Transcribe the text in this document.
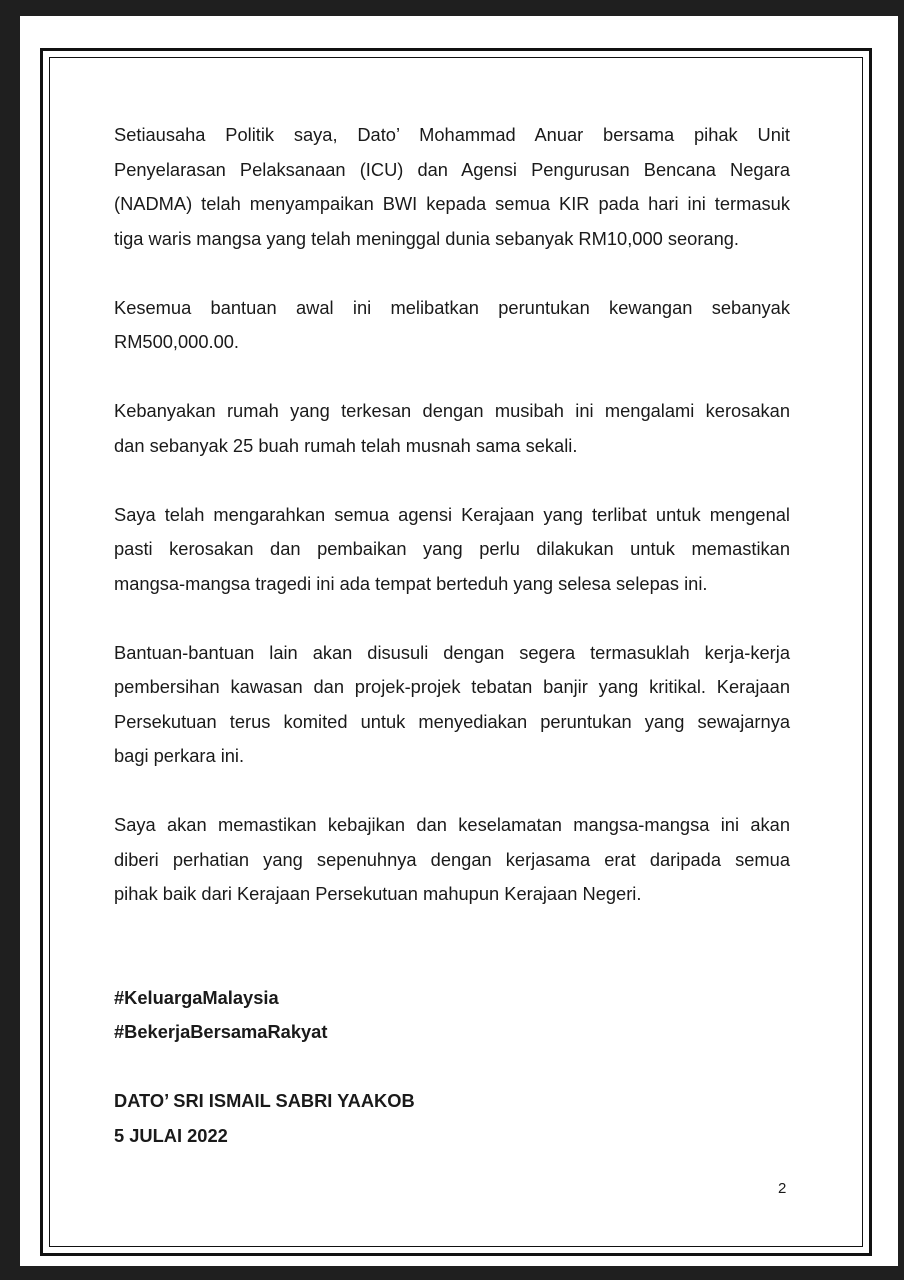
Setiausaha Politik saya, Dato’ Mohammad Anuar bersama pihak Unit
Penyelarasan Pelaksanaan (ICU) dan Agensi Pengurusan Bencana Negara
(NADMA) telah menyampaikan BWI kepada semua KIR pada hari ini termasuk
tiga waris mangsa yang telah meninggal dunia sebanyak RM10,000 seorang.

Kesemua bantuan awal ini melibatkan peruntukan kewangan sebanyak
RM500,000.00.

Kebanyakan rumah yang terkesan dengan musibah ini mengalami kerosakan
dan sebanyak 25 buah rumah telah musnah sama sekali.

Saya telah mengarahkan semua agensi Kerajaan yang terlibat untuk mengenal
pasti kerosakan dan pembaikan yang perlu dilakukan untuk memastikan
mangsa-mangsa tragedi ini ada tempat berteduh yang selesa selepas ini.

Bantuan-bantuan lain akan disusuli dengan segera termasuklah kerja-kerja
pembersihan kawasan dan projek-projek tebatan banjir yang kritikal. Kerajaan
Persekutuan terus komited untuk menyediakan peruntukan yang sewajarnya
bagi perkara ini.

Saya akan memastikan kebajikan dan keselamatan mangsa-mangsa ini akan
diberi perhatian yang sepenuhnya dengan kerjasama erat daripada semua
pihak baik dari Kerajaan Persekutuan mahupun Kerajaan Negeri.

#KeluargaMalaysia

#BekerjaBersamaRakyat

DATO’ SRI ISMAIL SABRI YAAKOB

5 JULAI 2022

2
